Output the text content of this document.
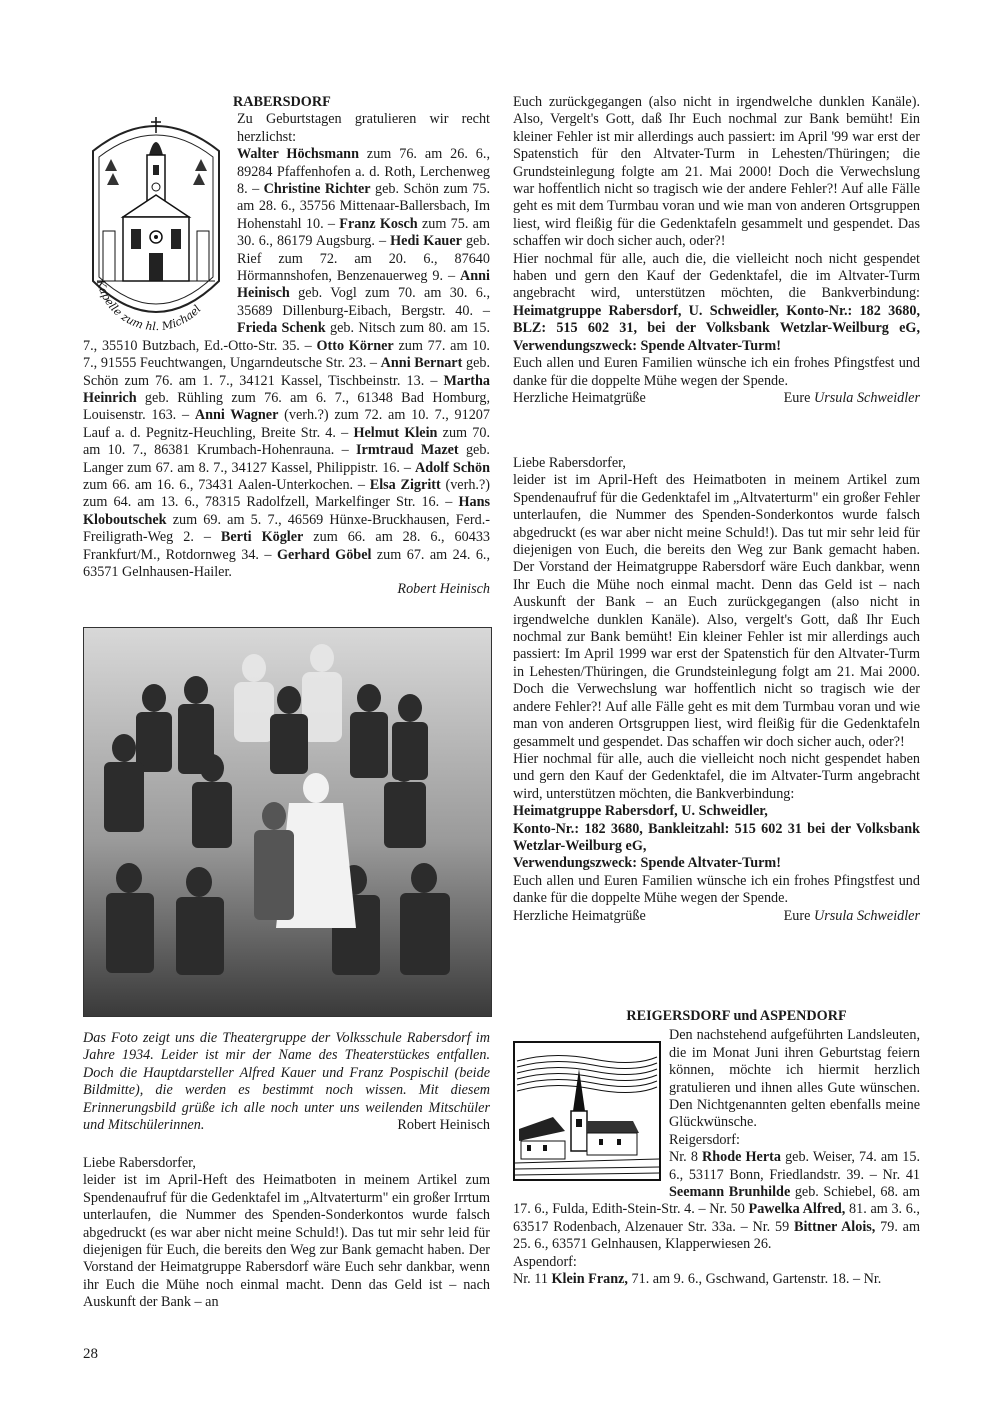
RABERSDORF
Kapelle zum hl. Michael

Zu Geburtstagen gratulieren wir recht herzlichst:

Walter Höchsmann zum 76. am 26. 6., 89284 Pfaffenhofen a. d. Roth, Lerchenweg 8. – Christine Richter geb. Schön zum 75. am 28. 6., 35756 Mittenaar-Ballersbach, Im Hohenstahl 10. – Franz Kosch zum 75. am 30. 6., 86179 Augsburg. – Hedi Kauer geb. Rief zum 72. am 20. 6., 87640 Hörmannshofen, Benzenauerweg 9. – Anni Heinisch geb. Vogl zum 70. am 30. 6., 35689 Dillenburg-Eibach, Bergstr. 40. – Frieda Schenk geb. Nitsch zum 80. am 15. 7., 35510 Butzbach, Ed.-Otto-Str. 35. – Otto Körner zum 77. am 10. 7., 91555 Feuchtwangen, Ungarndeutsche Str. 23. – Anni Bernart geb. Schön zum 76. am 1. 7., 34121 Kassel, Tischbeinstr. 13. – Martha Heinrich geb. Rühling zum 76. am 6. 7., 61348 Bad Homburg, Louisenstr. 163. – Anni Wagner (verh.?) zum 72. am 10. 7., 91207 Lauf a. d. Pegnitz-Heuchling, Breite Str. 4. – Helmut Klein zum 70. am 10. 7., 86381 Krumbach-Hohenrauna. – Irmtraud Mazet geb. Langer zum 67. am 8. 7., 34127 Kassel, Philippistr. 16. – Adolf Schön zum 66. am 16. 6., 73431 Aalen-Unterkochen. – Elsa Zigritt (verh.?) zum 64. am 13. 6., 78315 Radolfzell, Markelfinger Str. 16. – Hans Kloboutschek zum 69. am 5. 7., 46569 Hünxe-Bruckhausen, Ferd.-Freiligrath-Weg 2. – Berti Kögler zum 66. am 28. 6., 60433 Frankfurt/M., Rotdornweg 34. – Gerhard Göbel zum 67. am 24. 6., 63571 Gelnhausen-Hailer.

Robert Heinisch

Das Foto zeigt uns die Theatergruppe der Volksschule Rabersdorf im Jahre 1934. Leider ist mir der Name des Theaterstückes entfallen. Doch die Hauptdarsteller Alfred Kauer und Franz Pospischil (beide Bildmitte), die werden es bestimmt noch wissen. Mit diesem Erinnerungsbild grüße ich alle noch unter uns weilenden Mitschüler und Mitschülerinnen.	Robert Heinisch

Liebe Rabersdorfer,

leider ist im April-Heft des Heimatboten in meinem Artikel zum Spendenaufruf für die Gedenktafel im „Altvaterturm" ein großer Irrtum unterlaufen, die Nummer des Spenden-Sonderkontos wurde falsch abgedruckt (es war aber nicht meine Schuld!). Das tut mir sehr leid für diejenigen für Euch, die bereits den Weg zur Bank gemacht haben. Der Vorstand der Heimatgruppe Rabersdorf wäre Euch sehr dankbar, wenn ihr Euch die Mühe noch einmal macht. Denn das Geld ist – nach Auskunft der Bank – an

Euch zurückgegangen (also nicht in irgendwelche dunklen Kanäle). Also, Vergelt's Gott, daß Ihr Euch nochmal zur Bank bemüht! Ein kleiner Fehler ist mir allerdings auch passiert: im April '99 war erst der Spatenstich für den Altvater-Turm in Lehesten/Thüringen; die Grundsteinlegung folgte am 21. Mai 2000! Doch die Verwechslung war hoffentlich nicht so tragisch wie der andere Fehler?! Auf alle Fälle geht es mit dem Turmbau voran und wie man von anderen Ortsgruppen liest, wird fleißig für die Gedenktafeln gesammelt und gespendet. Das schaffen wir doch sicher auch, oder?!

Hier nochmal für alle, auch die, die vielleicht noch nicht gespendet haben und gern den Kauf der Gedenktafel, die im Altvater-Turm angebracht wird, unterstützen möchten, die Bankverbindung: Heimatgruppe Rabersdorf, U. Schweidler, Konto-Nr.: 182 3680, BLZ: 515 602 31, bei der Volksbank Wetzlar-Weilburg eG, Verwendungszweck: Spende Altvater-Turm!

Euch allen und Euren Familien wünsche ich ein frohes Pfingstfest und danke für die doppelte Mühe wegen der Spende.

Herzliche Heimatgrüße	Eure Ursula Schweidler

Liebe Rabersdorfer,

leider ist im April-Heft des Heimatboten in meinem Artikel zum Spendenaufruf für die Gedenktafel im „Altvaterturm" ein großer Fehler unterlaufen, die Nummer des Spenden-Sonderkontos wurde falsch abgedruckt (es war aber nicht meine Schuld!). Das tut mir sehr leid für diejenigen von Euch, die bereits den Weg zur Bank gemacht haben. Der Vorstand der Heimatgruppe Rabersdorf wäre Euch dankbar, wenn Ihr Euch die Mühe noch einmal macht. Denn das Geld ist – nach Auskunft der Bank – an Euch zurückgegangen (also nicht in irgendwelche dunklen Kanäle). Also, vergelt's Gott, daß Ihr Euch nochmal zur Bank bemüht! Ein kleiner Fehler ist mir allerdings auch passiert: Im April 1999 war erst der Spatenstich für den Altvater-Turm in Lehesten/Thüringen, die Grundsteinlegung folgt am 21. Mai 2000. Doch die Verwechslung war hoffentlich nicht so tragisch wie der andere Fehler?! Auf alle Fälle geht es mit dem Turmbau voran und wie man von anderen Ortsgruppen liest, wird fleißig für die Gedenktafeln gesammelt und gespendet. Das schaffen wir doch sicher auch, oder?!

Hier nochmal für alle, auch die vielleicht noch nicht gespendet haben und gern den Kauf der Gedenktafel, die im Altvater-Turm angebracht wird, unterstützen möchten, die Bankverbindung:

Heimatgruppe Rabersdorf, U. Schweidler,

Konto-Nr.: 182 3680, Bankleitzahl: 515 602 31 bei der Volksbank Wetzlar-Weilburg eG,

Verwendungszweck: Spende Altvater-Turm!

Euch allen und Euren Familien wünsche ich ein frohes Pfingstfest und danke für die doppelte Mühe wegen der Spende.

Herzliche Heimatgrüße	Eure Ursula Schweidler
REIGERSDORF und ASPENDORF

Den nachstehend aufgeführten Landsleuten, die im Monat Juni ihren Geburtstag feiern können, möchte ich hiermit herzlich gratulieren und ihnen alles Gute wünschen. Den Nichtgenannten gelten ebenfalls meine Glückwünsche.

Reigersdorf:

Nr. 8 Rhode Herta geb. Weiser, 74. am 15. 6., 53117 Bonn, Friedlandstr. 39. – Nr. 41 Seemann Brunhilde geb. Schiebel, 68. am 17. 6., Fulda, Edith-Stein-Str. 4. – Nr. 50 Pawelka Alfred, 81. am 3. 6., 63517 Rodenbach, Alzenauer Str. 33a. – Nr. 59 Bittner Alois, 79. am 25. 6., 63571 Gelnhausen, Klapperwiesen 26.

Aspendorf:

Nr. 11 Klein Franz, 71. am 9. 6., Gschwand, Gartenstr. 18. – Nr.

28
